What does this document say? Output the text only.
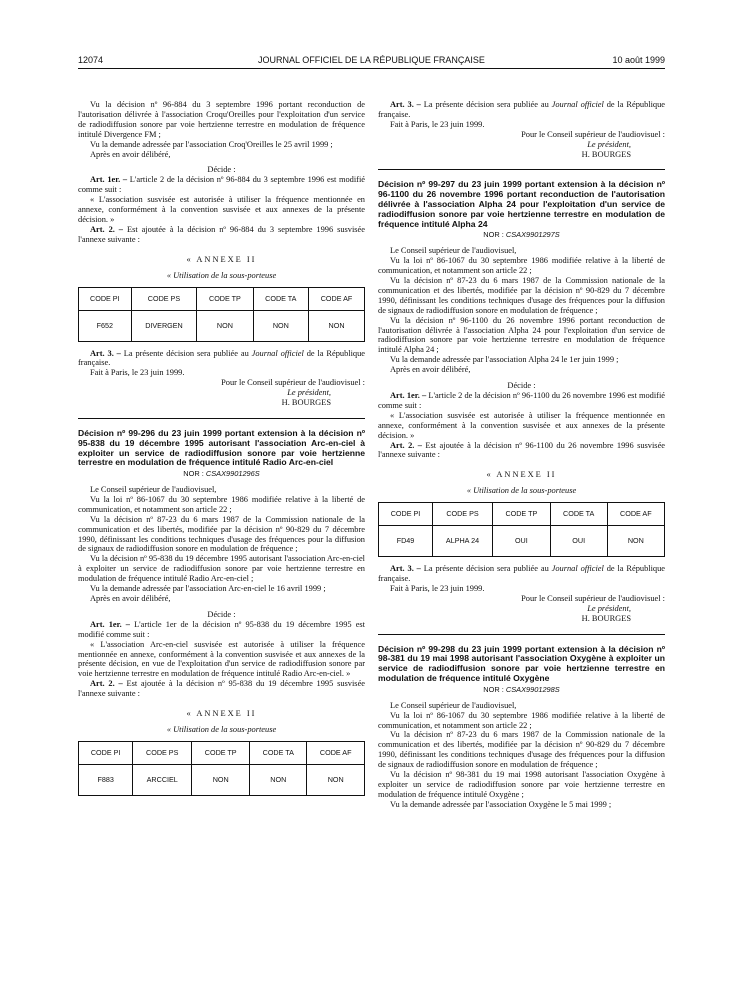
12074	JOURNAL OFFICIEL DE LA RÉPUBLIQUE FRANÇAISE	10 août 1999

Vu la décision nº 96-884 du 3 septembre 1996 portant reconduction de l'autorisation délivrée à l'association Croqu'Oreilles pour l'exploitation d'un service de radiodiffusion sonore par voie hertzienne terrestre en modulation de fréquence intitulé Divergence FM ;

Vu la demande adressée par l'association Croq'Oreilles le 25 avril 1999 ;

Après en avoir délibéré,

Décide :

Art. 1er. – L'article 2 de la décision nº 96-884 du 3 septembre 1996 est modifié comme suit :

« L'association susvisée est autorisée à utiliser la fréquence mentionnée en annexe, conformément à la convention susvisée et aux annexes de la présente décision. »

Art. 2. – Est ajoutée à la décision nº 96-884 du 3 septembre 1996 susvisée l'annexe suivante :

« ANNEXE II

« Utilisation de la sous-porteuse

CODE PI	CODE PS	CODE TP	CODE TA	CODE AF
F652	DIVERGEN	NON	NON	NON

Art. 3. – La présente décision sera publiée au Journal officiel de la République française.

Fait à Paris, le 23 juin 1999.

Pour le Conseil supérieur de l'audiovisuel :
Le président,
H. BOURGES
Décision nº 99-296 du 23 juin 1999 portant extension à la décision nº 95-838 du 19 décembre 1995 autorisant l'association Arc-en-ciel à exploiter un service de radiodiffusion sonore par voie hertzienne terrestre en modulation de fréquence intitulé Radio Arc-en-ciel
NOR : CSAX9901296S

Le Conseil supérieur de l'audiovisuel,

Vu la loi nº 86-1067 du 30 septembre 1986 modifiée relative à la liberté de communication, et notamment son article 22 ;

Vu la décision nº 87-23 du 6 mars 1987 de la Commission nationale de la communication et des libertés, modifiée par la décision nº 90-829 du 7 décembre 1990, définissant les conditions techniques d'usage des fréquences pour la diffusion de signaux de radiodiffusion sonore en modulation de fréquence ;

Vu la décision nº 95-838 du 19 décembre 1995 autorisant l'association Arc-en-ciel à exploiter un service de radiodiffusion sonore par voie hertzienne terrestre en modulation de fréquence intitulé Radio Arc-en-ciel ;

Vu la demande adressée par l'association Arc-en-ciel le 16 avril 1999 ;

Après en avoir délibéré,

Décide :

Art. 1er. – L'article 1er de la décision nº 95-838 du 19 décembre 1995 est modifié comme suit :

« L'association Arc-en-ciel susvisée est autorisée à utiliser la fréquence mentionnée en annexe, conformément à la convention susvisée et aux annexes de la présente décision, en vue de l'exploitation d'un service de radiodiffusion sonore par voie hertzienne terrestre en modulation de fréquence intitulé Radio Arc-en-ciel. »

Art. 2. – Est ajoutée à la décision nº 95-838 du 19 décembre 1995 susvisée l'annexe suivante :

« ANNEXE II

« Utilisation de la sous-porteuse

CODE PI	CODE PS	CODE TP	CODE TA	CODE AF
F883	ARCCIEL	NON	NON	NON

Art. 3. – La présente décision sera publiée au Journal officiel de la République française.

Fait à Paris, le 23 juin 1999.

Pour le Conseil supérieur de l'audiovisuel :
Le président,
H. BOURGES
Décision nº 99-297 du 23 juin 1999 portant extension à la décision nº 96-1100 du 26 novembre 1996 portant reconduction de l'autorisation délivrée à l'association Alpha 24 pour l'exploitation d'un service de radiodiffusion sonore par voie hertzienne terrestre en modulation de fréquence intitulé Alpha 24
NOR : CSAX9901297S

Le Conseil supérieur de l'audiovisuel,

Vu la loi nº 86-1067 du 30 septembre 1986 modifiée relative à la liberté de communication, et notamment son article 22 ;

Vu la décision nº 87-23 du 6 mars 1987 de la Commission nationale de la communication et des libertés, modifiée par la décision nº 90-829 du 7 décembre 1990, définissant les conditions techniques d'usage des fréquences pour la diffusion de signaux de radiodiffusion sonore en modulation de fréquence ;

Vu la décision nº 96-1100 du 26 novembre 1996 portant reconduction de l'autorisation délivrée à l'association Alpha 24 pour l'exploitation d'un service de radiodiffusion sonore par voie hertzienne terrestre en modulation de fréquence intitulé Alpha 24 ;

Vu la demande adressée par l'association Alpha 24 le 1er juin 1999 ;

Après en avoir délibéré,

Décide :

Art. 1er. – L'article 2 de la décision nº 96-1100 du 26 novembre 1996 est modifié comme suit :

« L'association susvisée est autorisée à utiliser la fréquence mentionnée en annexe, conformément à la convention susvisée et aux annexes de la présente décision. »

Art. 2. – Est ajoutée à la décision nº 96-1100 du 26 novembre 1996 susvisée l'annexe suivante :

« ANNEXE II

« Utilisation de la sous-porteuse

CODE PI	CODE PS	CODE TP	CODE TA	CODE AF
FD49	ALPHA 24	OUI	OUI	NON

Art. 3. – La présente décision sera publiée au Journal officiel de la République française.

Fait à Paris, le 23 juin 1999.

Pour le Conseil supérieur de l'audiovisuel :
Le président,
H. BOURGES
Décision nº 99-298 du 23 juin 1999 portant extension à la décision nº 98-381 du 19 mai 1998 autorisant l'association Oxygène à exploiter un service de radiodiffusion sonore par voie hertzienne terrestre en modulation de fréquence intitulé Oxygène
NOR : CSAX9901298S

Le Conseil supérieur de l'audiovisuel,

Vu la loi nº 86-1067 du 30 septembre 1986 modifiée relative à la liberté de communication, et notamment son article 22 ;

Vu la décision nº 87-23 du 6 mars 1987 de la Commission nationale de la communication et des libertés, modifiée par la décision nº 90-829 du 7 décembre 1990, définissant les conditions techniques d'usage des fréquences pour la diffusion de signaux de radiodiffusion sonore en modulation de fréquence ;

Vu la décision nº 98-381 du 19 mai 1998 autorisant l'association Oxygène à exploiter un service de radiodiffusion sonore par voie hertzienne terrestre en modulation de fréquence intitulé Oxygène ;

Vu la demande adressée par l'association Oxygène le 5 mai 1999 ;
